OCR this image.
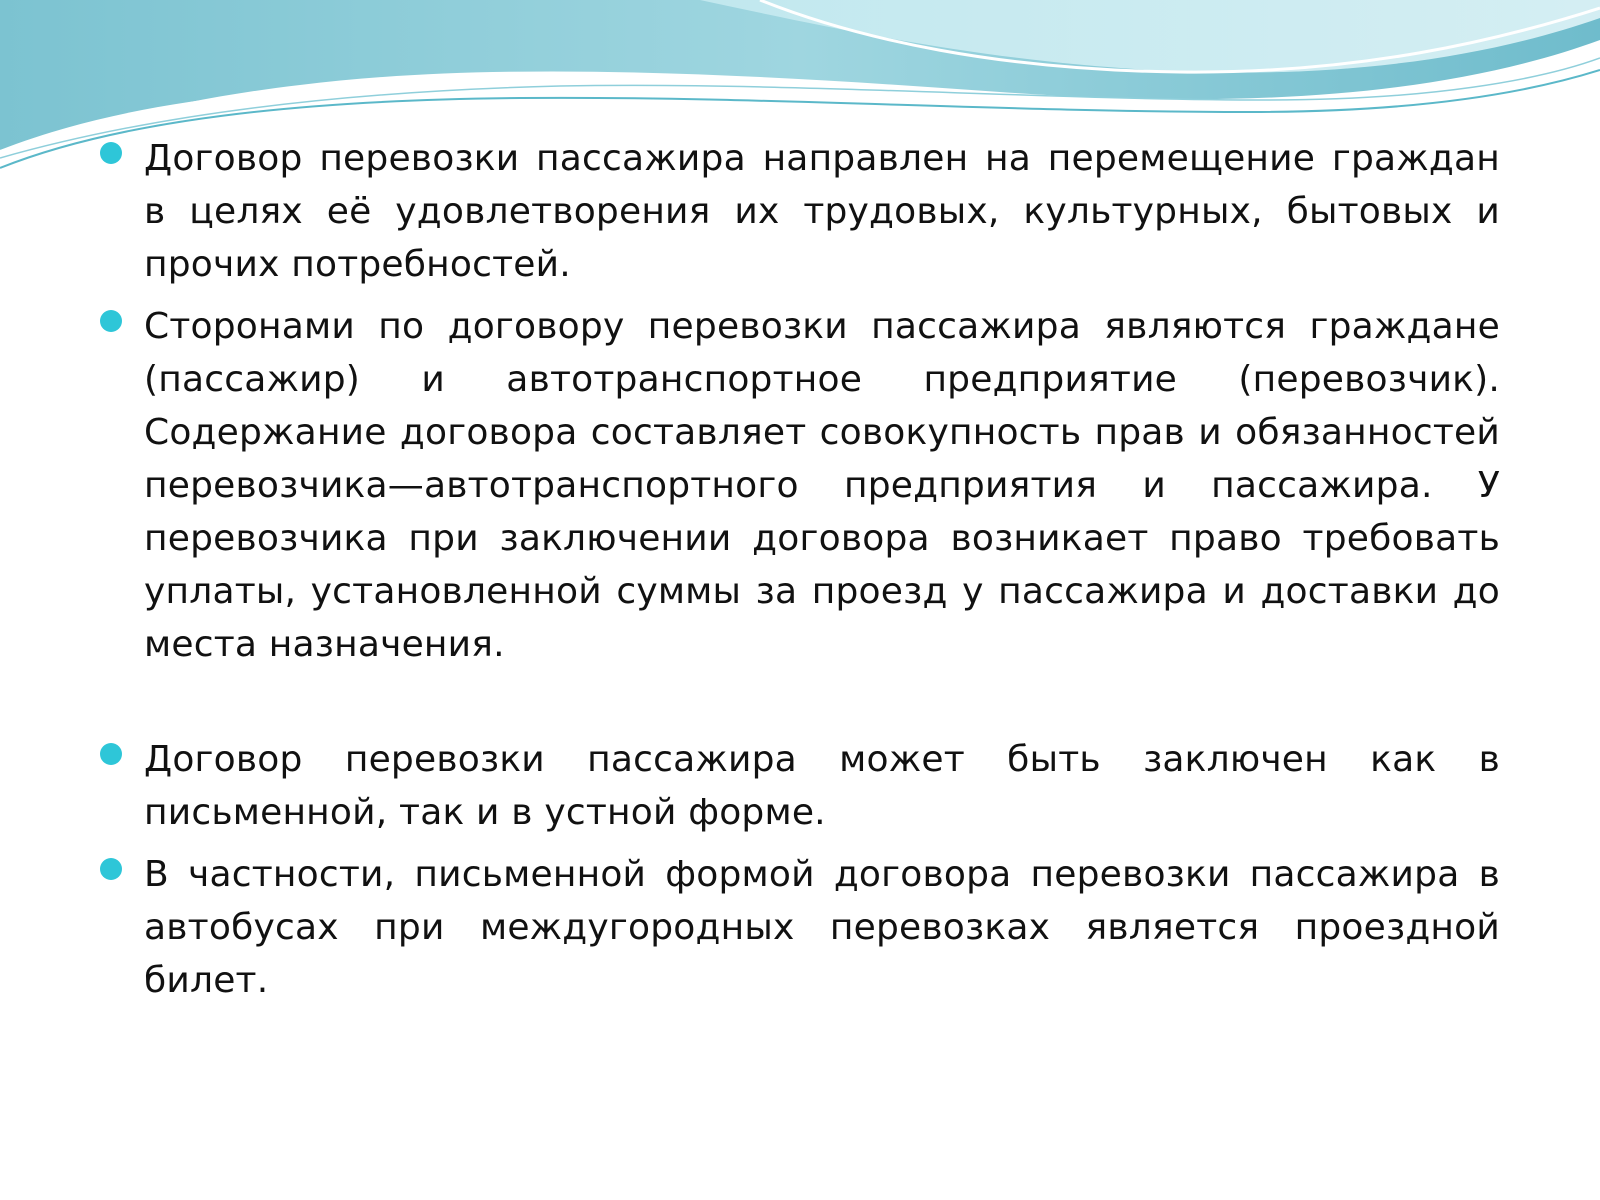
Договор перевозки пассажира направлен на перемещение граждан в целях её удовлетворения их трудовых, культурных, бытовых и прочих потребностей.

Сторонами по договору перевозки пассажира являются граждане (пассажир) и автотранспортное предприятие (перевозчик). Содержание договора составляет совокупность прав и обязанностей перевозчика—автотранспортного предприятия и пассажира. У перевозчика при заключении договора возникает право требовать уплаты, установленной суммы за проезд у пассажира и доставки до места назначения.

Договор перевозки пассажира может быть заключен как в письменной, так и в устной форме.

В частности, письменной формой договора перевозки пассажира в автобусах при междугородных перевозках является проездной билет.
